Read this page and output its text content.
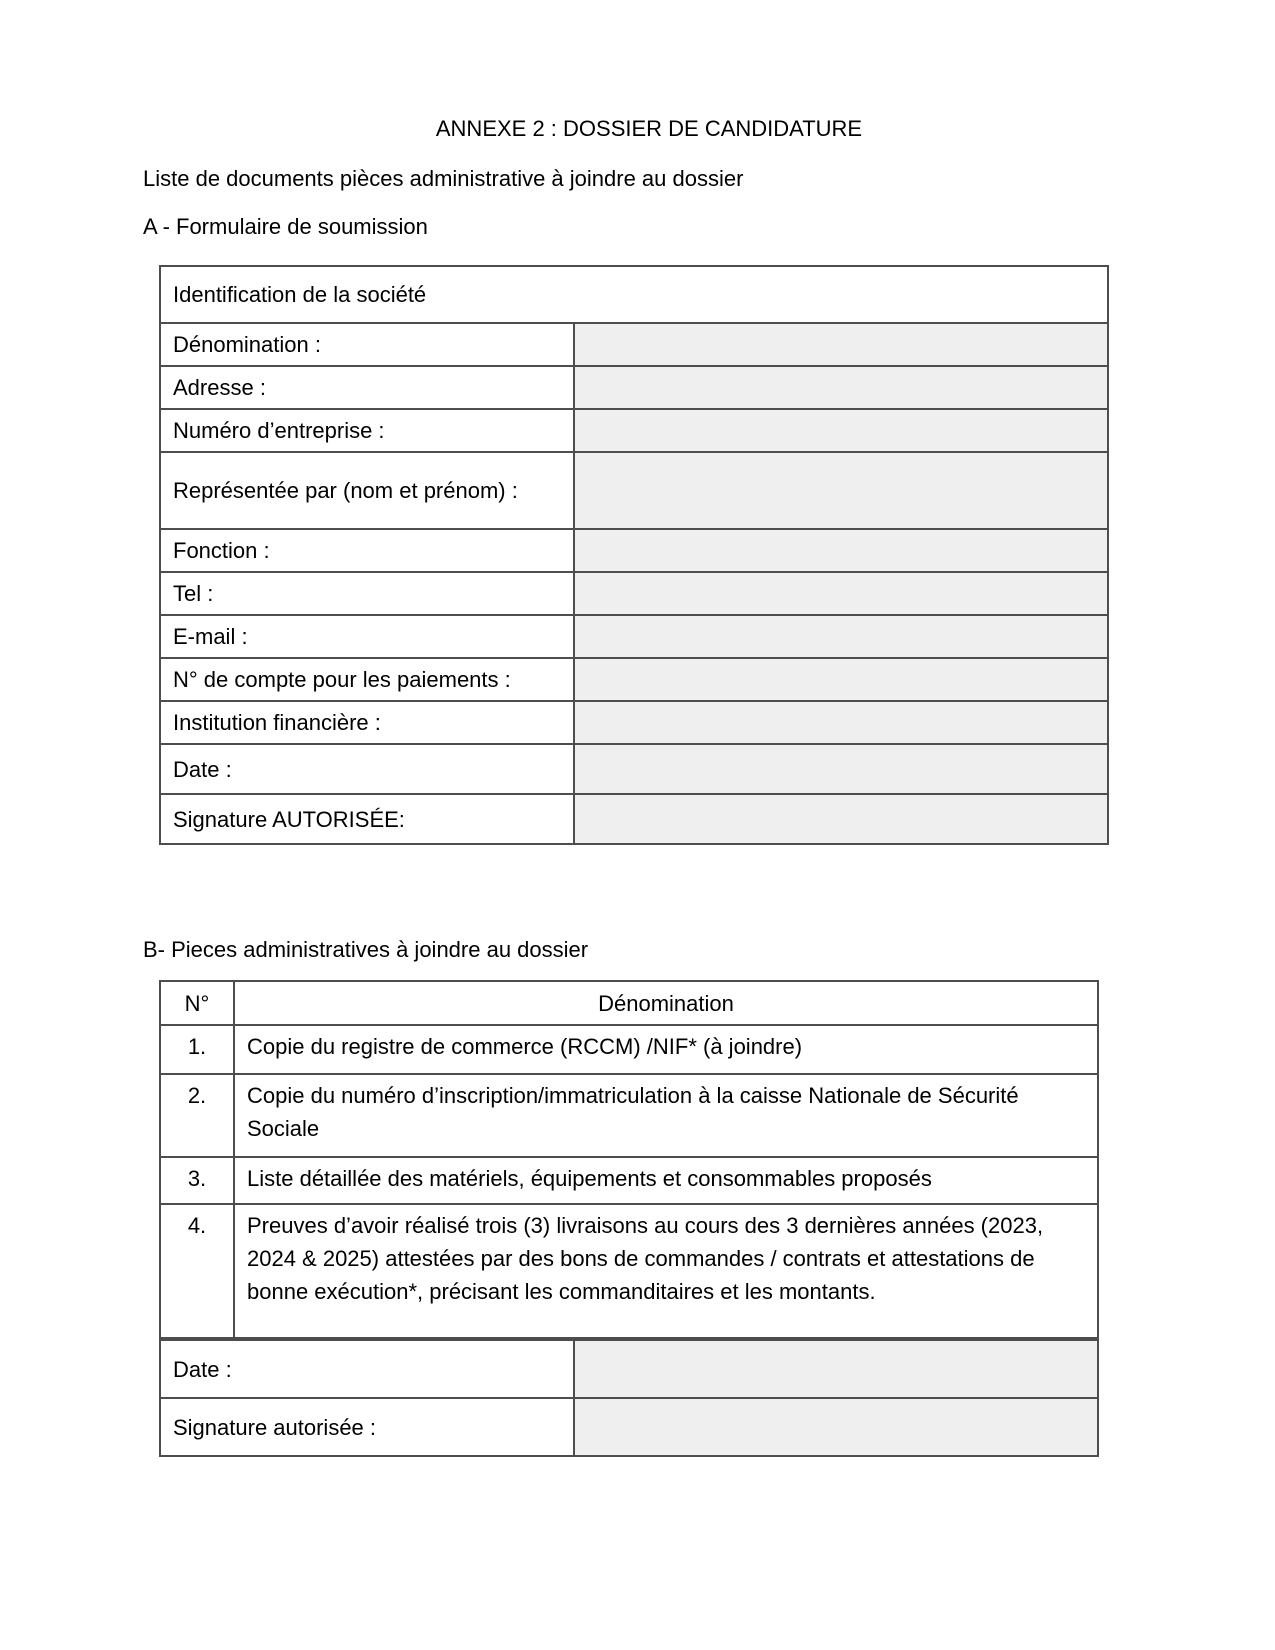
ANNEXE 2 : DOSSIER DE CANDIDATURE

Liste de documents pièces administrative à joindre au dossier

A - Formulaire de soumission

Identification de la société	
Dénomination :	
Adresse :	
Numéro d’entreprise :	
Représentée par (nom et prénom) :	
Fonction :	
Tel :	
E-mail :	
N° de compte pour les paiements :	
Institution financière :	
Date :	
Signature AUTORISÉE:	

B- Pieces administratives à joindre au dossier

N°	Dénomination
1.	Copie du registre de commerce (RCCM) /NIF* (à joindre)
2.	Copie du numéro d’inscription/immatriculation à la caisse Nationale de Sécurité Sociale
3.	Liste détaillée des matériels, équipements et consommables proposés
4.	Preuves d’avoir réalisé trois (3) livraisons au cours des 3 dernières années (2023, 2024 & 2025) attestées par des bons de commandes / contrats et attestations de bonne exécution*, précisant les commanditaires et les montants.
Date :	
Signature autorisée :	
